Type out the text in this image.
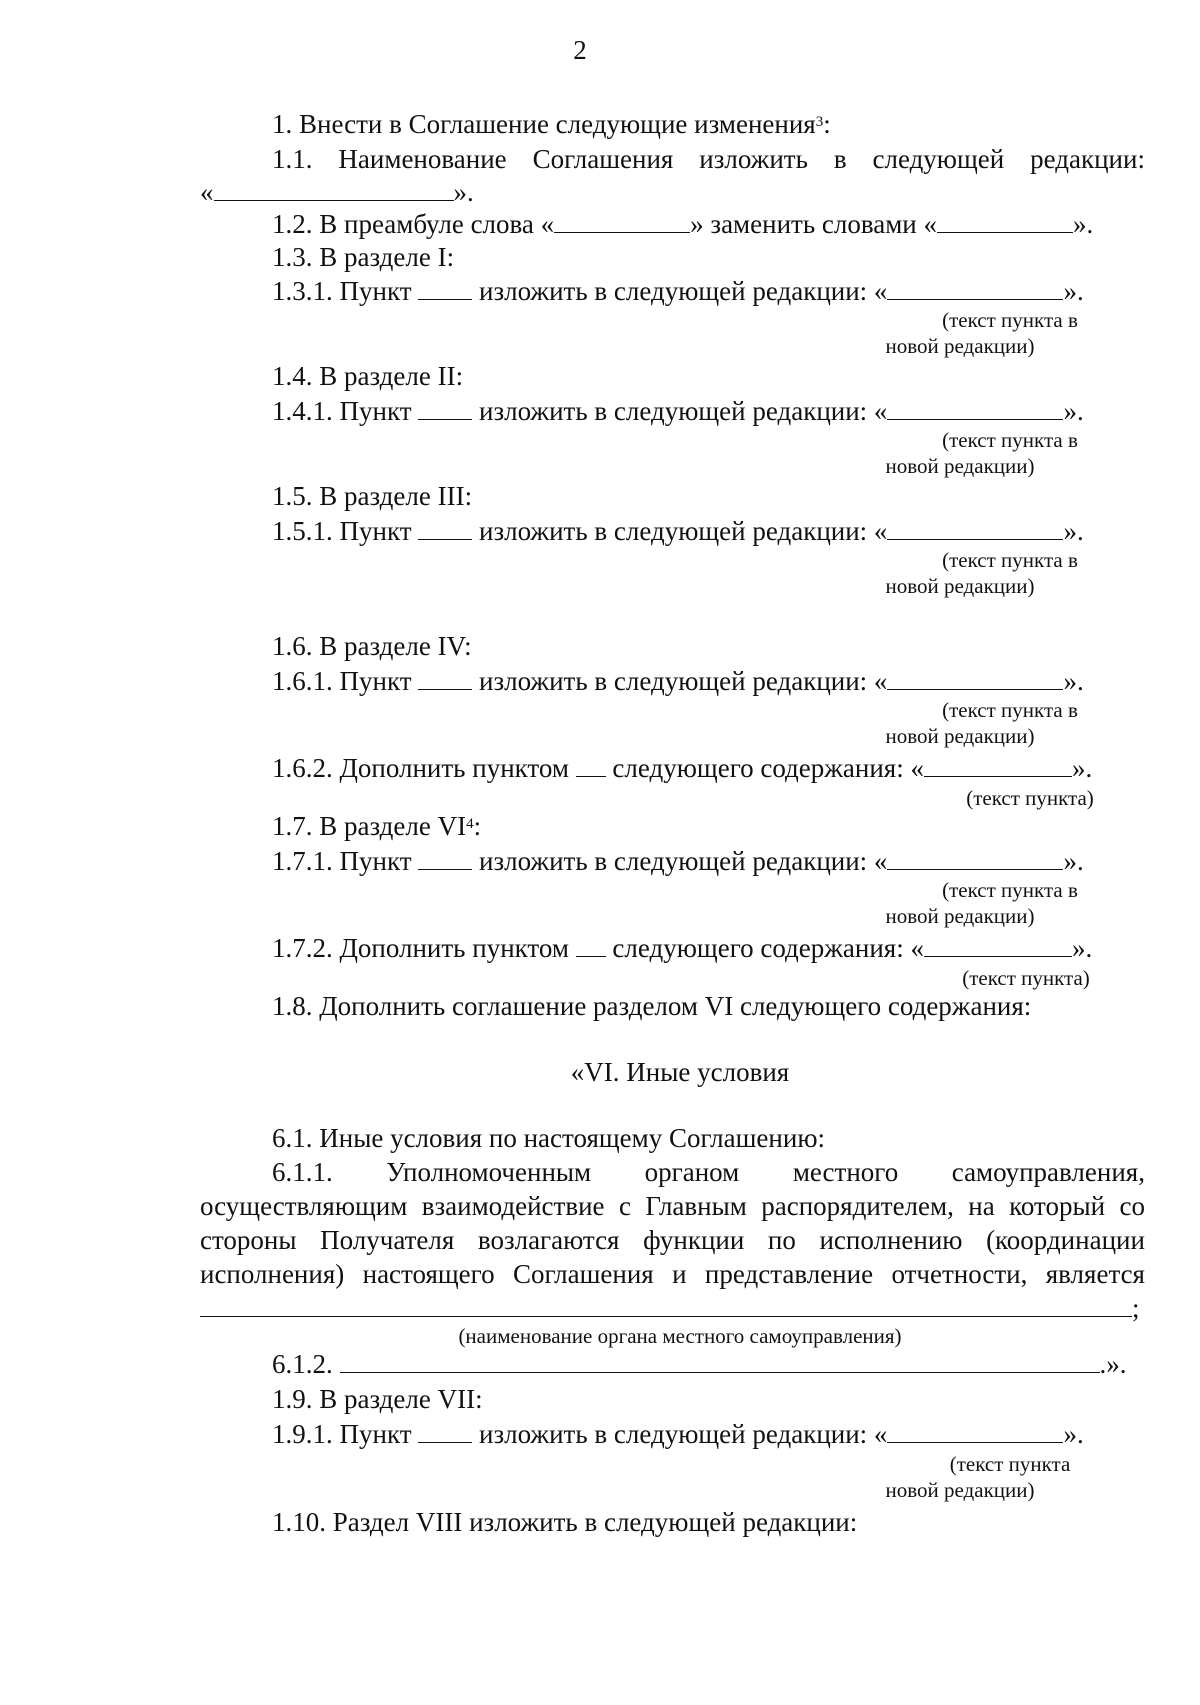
2
1. Внести в Соглашение следующие изменения$^3$:
1.1. Наименование Соглашения изложить в следующей редакции:
«	».
1.2. В преамбуле слова «	» заменить словами «	».
1.3. В разделе I:
1.3.1. Пункт	изложить в следующей редакции: «	».
(текст пункта в
новой редакции)
1.4. В разделе II:
1.4.1. Пункт	изложить в следующей редакции: «	».
(текст пункта в
новой редакции)
1.5. В разделе III:
1.5.1. Пункт	изложить в следующей редакции: «	».
(текст пункта в
новой редакции)
1.6. В разделе IV:
1.6.1. Пункт	изложить в следующей редакции: «	».
(текст пункта в
новой редакции)
1.6.2. Дополнить пунктом следующего содержания: «	».
(текст пункта)
1.7. В разделе $VI^4$:
1.7.1. Пункт	изложить в следующей редакции: «	».
(текст пункта в
новой редакции)
1.7.2. Дополнить пунктом следующего содержания: «	».
(текст пункта)
1.8. Дополнить соглашение разделом VI следующего содержания:
«VI. Иные условия
6.1. Иные условия по настоящему Соглашению:
6.1.1. Уполномоченным органом местного самоуправления,
осуществляющим взаимодействие с Главным распорядителем, на который со
стороны Получателя возлагаются функции по исполнению (координации
исполнения) настоящего Соглашения и представление отчетности, является
;
(наименование органа местного самоуправления)
6.1.2.	.».
1.9. В разделе VII:
1.9.1. Пункт	изложить в следующей редакции: «	».
(текст пункта
новой редакции)
1.10. Раздел VIII изложить в следующей редакции:
